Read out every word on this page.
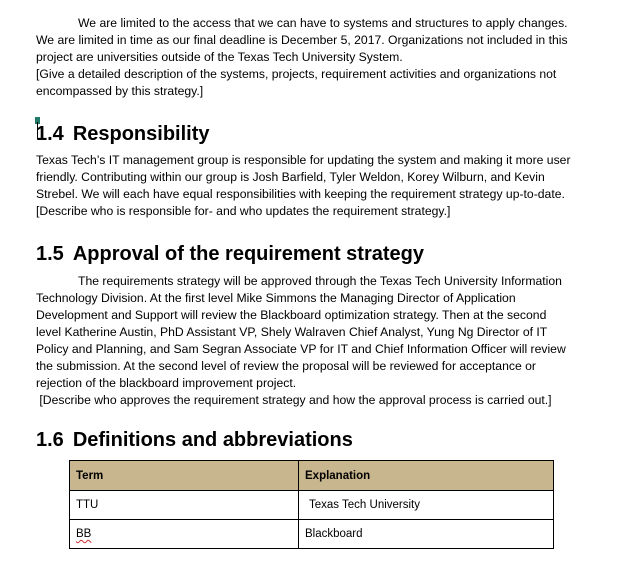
We are limited to the access that we can have to systems and structures to apply changes.
We are limited in time as our final deadline is December 5, 2017. Organizations not included in this
project are universities outside of the Texas Tech University System.
[Give a detailed description of the systems, projects, requirement activities and organizations not
encompassed by this strategy.]
1.4 Responsibility
Texas Tech’s IT management group is responsible for updating the system and making it more user
friendly. Contributing within our group is Josh Barfield, Tyler Weldon, Korey Wilburn, and Kevin
Strebel. We will each have equal responsibilities with keeping the requirement strategy up-to-date.
[Describe who is responsible for- and who updates the requirement strategy.]
1.5 Approval of the requirement strategy
The requirements strategy will be approved through the Texas Tech University Information
Technology Division. At the first level Mike Simmons the Managing Director of Application
Development and Support will review the Blackboard optimization strategy. Then at the second
level Katherine Austin, PhD Assistant VP, Shely Walraven Chief Analyst, Yung Ng Director of IT
Policy and Planning, and Sam Segran Associate VP for IT and Chief Information Officer will review
the submission. At the second level of review the proposal will be reviewed for acceptance or
rejection of the blackboard improvement project.
[Describe who approves the requirement strategy and how the approval process is carried out.]
1.6 Definitions and abbreviations
Term	Explanation
TTU	Texas Tech University
BB	Blackboard
